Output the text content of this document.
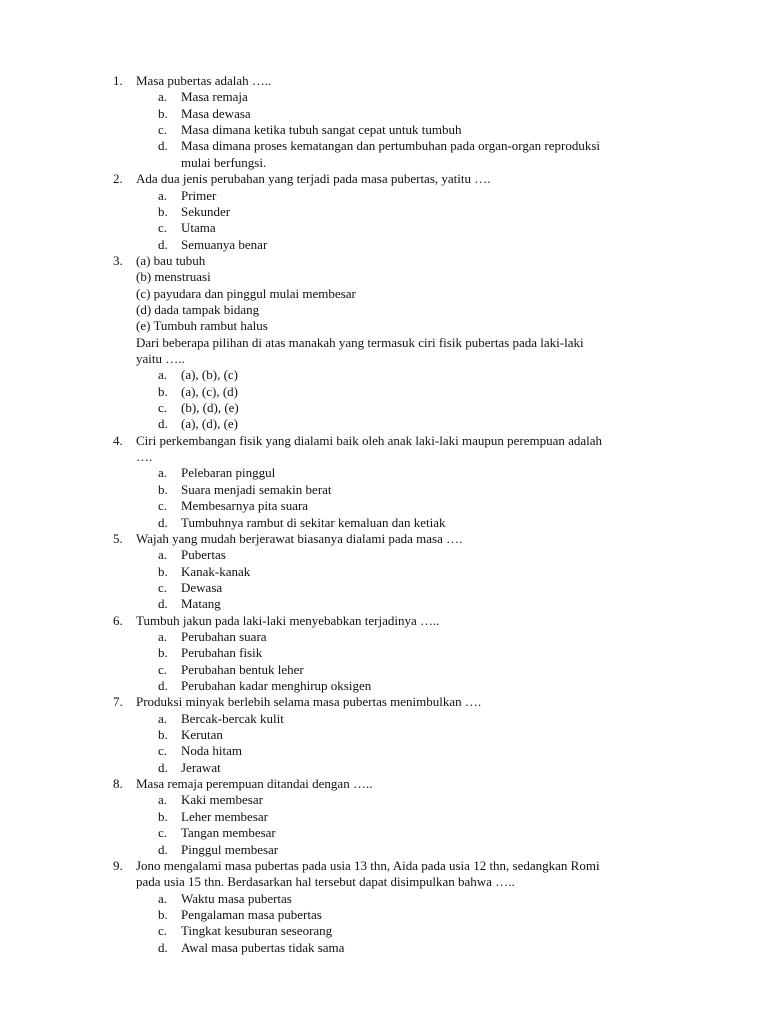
1. Masa pubertas adalah …..
a. Masa remaja
b. Masa dewasa
c. Masa dimana ketika tubuh sangat cepat untuk tumbuh
d. Masa dimana proses kematangan dan pertumbuhan pada organ-organ reproduksi
mulai berfungsi.
2. Ada dua jenis perubahan yang terjadi pada masa pubertas, yatitu ….
a. Primer
b. Sekunder
c. Utama
d. Semuanya benar
3. (a) bau tubuh
(b) menstruasi
(c) payudara dan pinggul mulai membesar
(d) dada tampak bidang
(e) Tumbuh rambut halus
Dari beberapa pilihan di atas manakah yang termasuk ciri fisik pubertas pada laki-laki
yaitu …..
a. (a), (b), (c)
b. (a), (c), (d)
c. (b), (d), (e)
d. (a), (d), (e)
4. Ciri perkembangan fisik yang dialami baik oleh anak laki-laki maupun perempuan adalah
….
a. Pelebaran pinggul
b. Suara menjadi semakin berat
c. Membesarnya pita suara
d. Tumbuhnya rambut di sekitar kemaluan dan ketiak
5. Wajah yang mudah berjerawat biasanya dialami pada masa ….
a. Pubertas
b. Kanak-kanak
c. Dewasa
d. Matang
6. Tumbuh jakun pada laki-laki menyebabkan terjadinya …..
a. Perubahan suara
b. Perubahan fisik
c. Perubahan bentuk leher
d. Perubahan kadar menghirup oksigen
7. Produksi minyak berlebih selama masa pubertas menimbulkan ….
a. Bercak-bercak kulit
b. Kerutan
c. Noda hitam
d. Jerawat
8. Masa remaja perempuan ditandai dengan …..
a. Kaki membesar
b. Leher membesar
c. Tangan membesar
d. Pinggul membesar
9. Jono mengalami masa pubertas pada usia 13 thn, Aida pada usia 12 thn, sedangkan Romi
pada usia 15 thn. Berdasarkan hal tersebut dapat disimpulkan bahwa …..
a. Waktu masa pubertas
b. Pengalaman masa pubertas
c. Tingkat kesuburan seseorang
d. Awal masa pubertas tidak sama
